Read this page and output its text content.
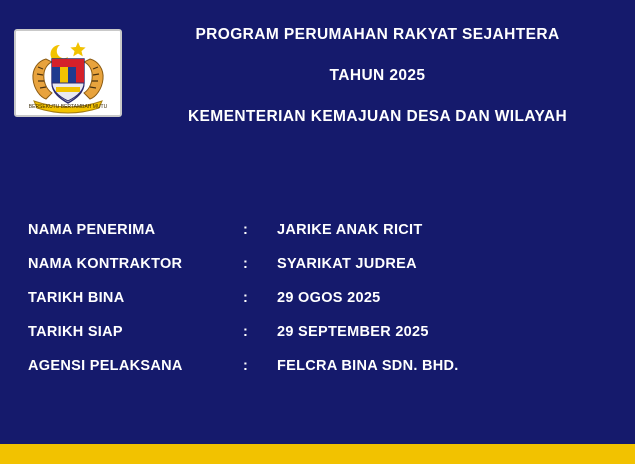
BERSEKUTU BERTAMBAH MUTU
PROGRAM PERUMAHAN RAKYAT SEJAHTERA
TAHUN 2025
KEMENTERIAN KEMAJUAN DESA DAN WILAYAH
NAMA PENERIMA	:	JARIKE ANAK RICIT
NAMA KONTRAKTOR	:	SYARIKAT JUDREA
TARIKH BINA	:	29 OGOS 2025
TARIKH SIAP	:	29 SEPTEMBER 2025
AGENSI PELAKSANA	:	FELCRA BINA SDN. BHD.
